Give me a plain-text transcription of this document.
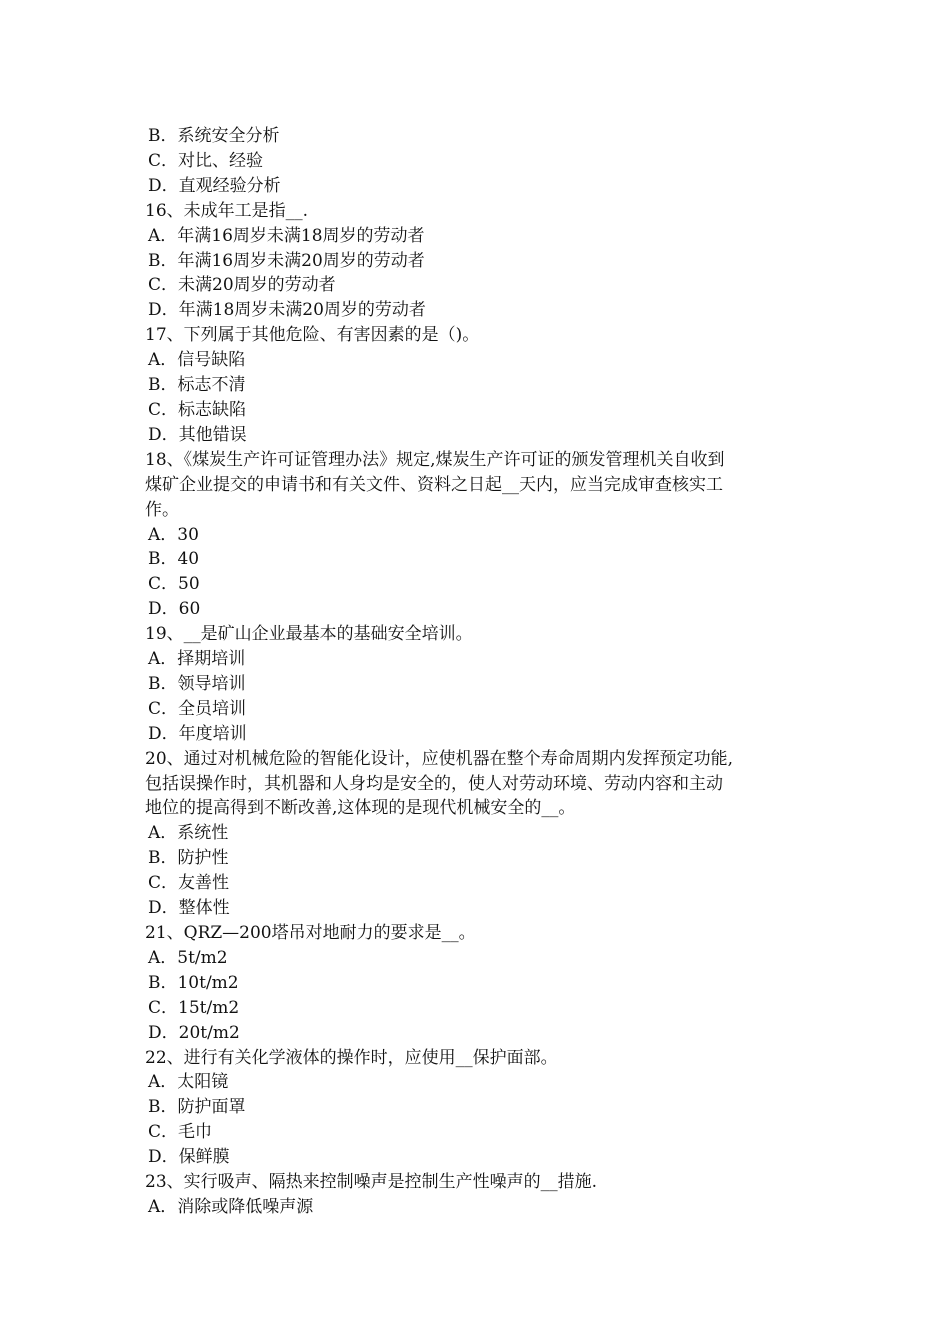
B．系统安全分析
C．对比、经验
D．直观经验分析
16、未成年工是指__.
A．年满16周岁未满18周岁的劳动者
B．年满16周岁未满20周岁的劳动者
C．未满20周岁的劳动者
D．年满18周岁未满20周岁的劳动者
17、下列属于其他危险、有害因素的是（)。
A．信号缺陷
B．标志不清
C．标志缺陷
D．其他错误
18、《煤炭生产许可证管理办法》规定,煤炭生产许可证的颁发管理机关自收到
煤矿企业提交的申请书和有关文件、资料之日起__天内，应当完成审查核实工
作。
A．30
B．40
C．50
D．60
19、__是矿山企业最基本的基础安全培训。
A．择期培训
B．领导培训
C．全员培训
D．年度培训
20、通过对机械危险的智能化设计，应使机器在整个寿命周期内发挥预定功能,
包括误操作时，其机器和人身均是安全的，使人对劳动环境、劳动内容和主动
地位的提高得到不断改善,这体现的是现代机械安全的__。
A．系统性
B．防护性
C．友善性
D．整体性
21、QRZ—200塔吊对地耐力的要求是__。
A．5t/m2
B．10t/m2
C．15t/m2
D．20t/m2
22、进行有关化学液体的操作时，应使用__保护面部。
A．太阳镜
B．防护面罩
C．毛巾
D．保鲜膜
23、实行吸声、隔热来控制噪声是控制生产性噪声的__措施.
A．消除或降低噪声源
